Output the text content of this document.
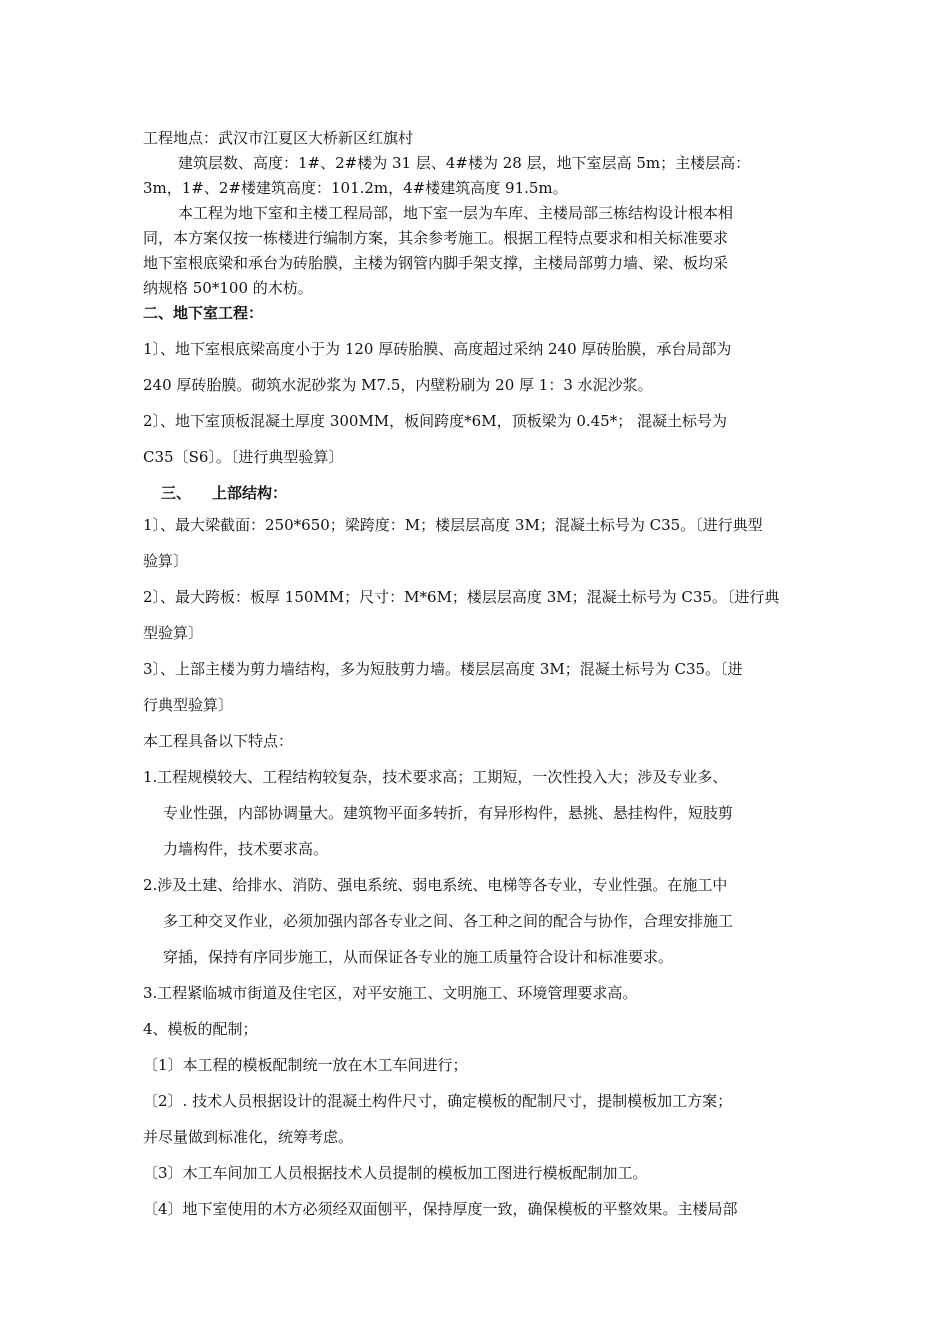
工程地点：武汉市江夏区大桥新区红旗村
建筑层数、高度：1#、2#楼为 31 层、4#楼为 28 层，地下室层高 5m；主楼层高：
3m，1#、2#楼建筑高度：101.2m，4#楼建筑高度 91.5m。
本工程为地下室和主楼工程局部，地下室一层为车库、主楼局部三栋结构设计根本相
同，本方案仅按一栋楼进行编制方案，其余参考施工。根据工程特点要求和相关标准要求
地下室根底梁和承台为砖胎膜，主楼为钢管内脚手架支撑，主楼局部剪力墙、梁、板均采
纳规格 50*100 的木枋。
二、地下室工程：
1〕、地下室根底梁高度小于为 120 厚砖胎膜、高度超过采纳 240 厚砖胎膜，承台局部为
240 厚砖胎膜。砌筑水泥砂浆为 M7.5，内壁粉刷为 20 厚 1：3 水泥沙浆。
2〕、地下室顶板混凝土厚度 300MM，板间跨度*6M，顶板梁为 0.45*； 混凝土标号为
C35〔S6〕。〔进行典型验算〕
三、 上部结构：
1〕、最大梁截面：250*650；梁跨度：M；楼层层高度 3M；混凝土标号为 C35。〔进行典型
验算〕
2〕、最大跨板：板厚 150MM；尺寸：M*6M；楼层层高度 3M；混凝土标号为 C35。〔进行典
型验算〕
3〕、上部主楼为剪力墙结构，多为短肢剪力墙。楼层层高度 3M；混凝土标号为 C35。〔进
行典型验算〕
本工程具备以下特点：
1.工程规模较大、工程结构较复杂，技术要求高；工期短，一次性投入大；涉及专业多、
专业性强，内部协调量大。建筑物平面多转折，有异形构件，悬挑、悬挂构件，短肢剪
力墙构件，技术要求高。
2.涉及土建、给排水、消防、强电系统、弱电系统、电梯等各专业，专业性强。在施工中
多工种交叉作业，必须加强内部各专业之间、各工种之间的配合与协作，合理安排施工
穿插，保持有序同步施工，从而保证各专业的施工质量符合设计和标准要求。
3.工程紧临城市街道及住宅区，对平安施工、文明施工、环境管理要求高。
4、模板的配制；
〔1〕本工程的模板配制统一放在木工车间进行；
〔2〕. 技术人员根据设计的混凝土构件尺寸，确定模板的配制尺寸，提制模板加工方案；
并尽量做到标准化，统筹考虑。
〔3〕木工车间加工人员根据技术人员提制的模板加工图进行模板配制加工。
〔4〕地下室使用的木方必须经双面刨平，保持厚度一致，确保模板的平整效果。主楼局部
